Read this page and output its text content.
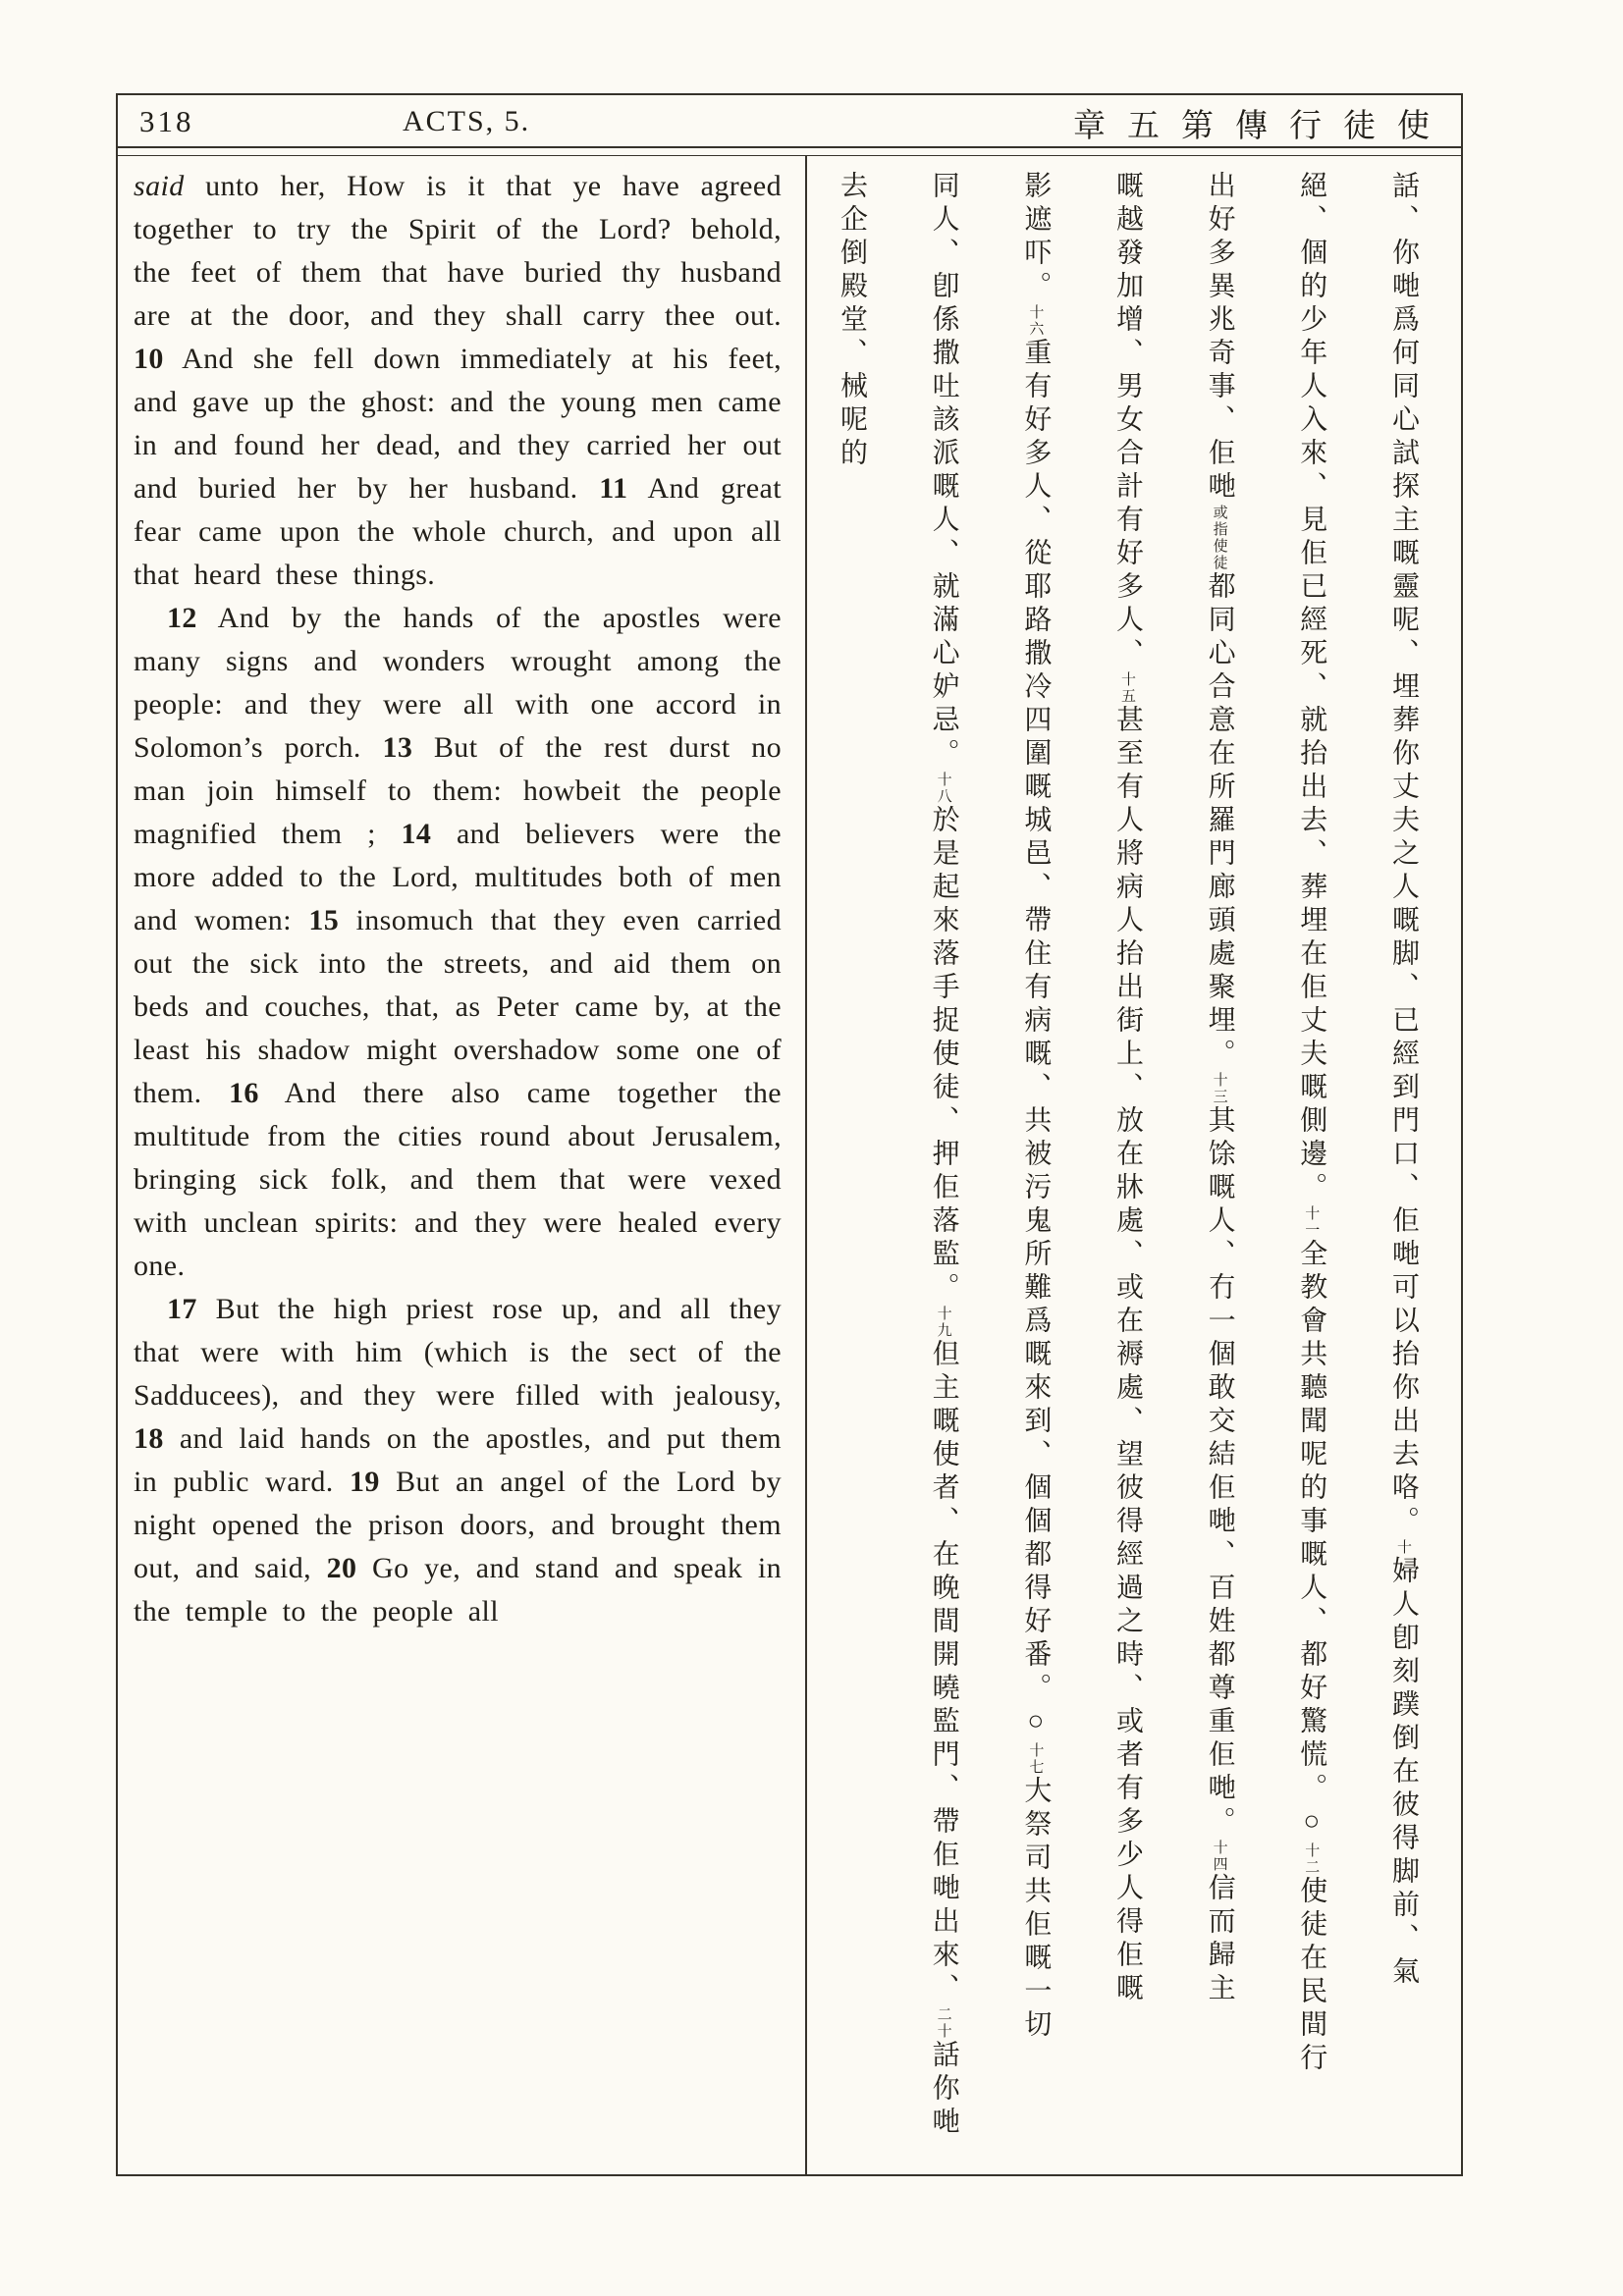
318	ACTS, 5.	章五第傳行徒使

said unto her, How is it that ye have agreed together to try the Spirit of the Lord? behold, the feet of them that have buried thy husband are at the door, and they shall carry thee out. 10 And she fell down immediately at his feet, and gave up the ghost: and the young men came in and found her dead, and they carried her out and buried her by her husband. 11 And great fear came upon the whole church, and upon all that heard these things.

12 And by the hands of the apostles were many signs and wonders wrought among the people: and they were all with one accord in Solomon’s porch. 13 But of the rest durst no man join himself to them: howbeit the people magnified them ; 14 and believers were the more added to the Lord, multitudes both of men and women: 15 insomuch that they even carried out the sick into the streets, and aid them on beds and couches, that, as Peter came by, at the least his shadow might overshadow some one of them. 16 And there also came together the multitude from the cities round about Jerusalem, bringing sick folk, and them that were vexed with unclean spirits: and they were healed every one.

17 But the high priest rose up, and all they that were with him (which is the sect of the Sadducees), and they were filled with jealousy, 18 and laid hands on the apostles, and put them in public ward. 19 But an angel of the Lord by night opened the prison doors, and brought them out, and said, 20 Go ye, and stand and speak in the temple to the people all

話、你哋爲何同心試探主嘅靈呢、埋葬你丈夫之人嘅脚、已經到門口、佢哋可以抬你出去咯。十婦人卽刻蹼倒在彼得脚前、氣
絕、個的少年人入來、見佢已經死、就抬出去、葬埋在佢丈夫嘅側邊。十一全教會共聽聞呢的事嘅人、都好驚慌。○十二使徒在民間行
出好多異兆奇事、佢哋或指使徒都同心合意在所羅門廊頭處聚埋。十三其馀嘅人、冇一個敢交結佢哋、百姓都尊重佢哋。十四信而歸主
嘅越發加增、男女合計有好多人、十五甚至有人將病人抬出街上、放在牀處、或在褥處、望彼得經過之時、或者有多少人得佢嘅
影遮吓。十六重有好多人、從耶路撒冷四圍嘅城邑、帶住有病嘅、共被污鬼所難爲嘅來到、個個都得好番。○十七大祭司共佢嘅一切
同人、卽係撒吐該派嘅人、就滿心妒忌。十八於是起來落手捉使徒、押佢落監。十九但主嘅使者、在晚間開曉監門、帶佢哋出來、二十話你哋
去企倒殿堂、械呢的
